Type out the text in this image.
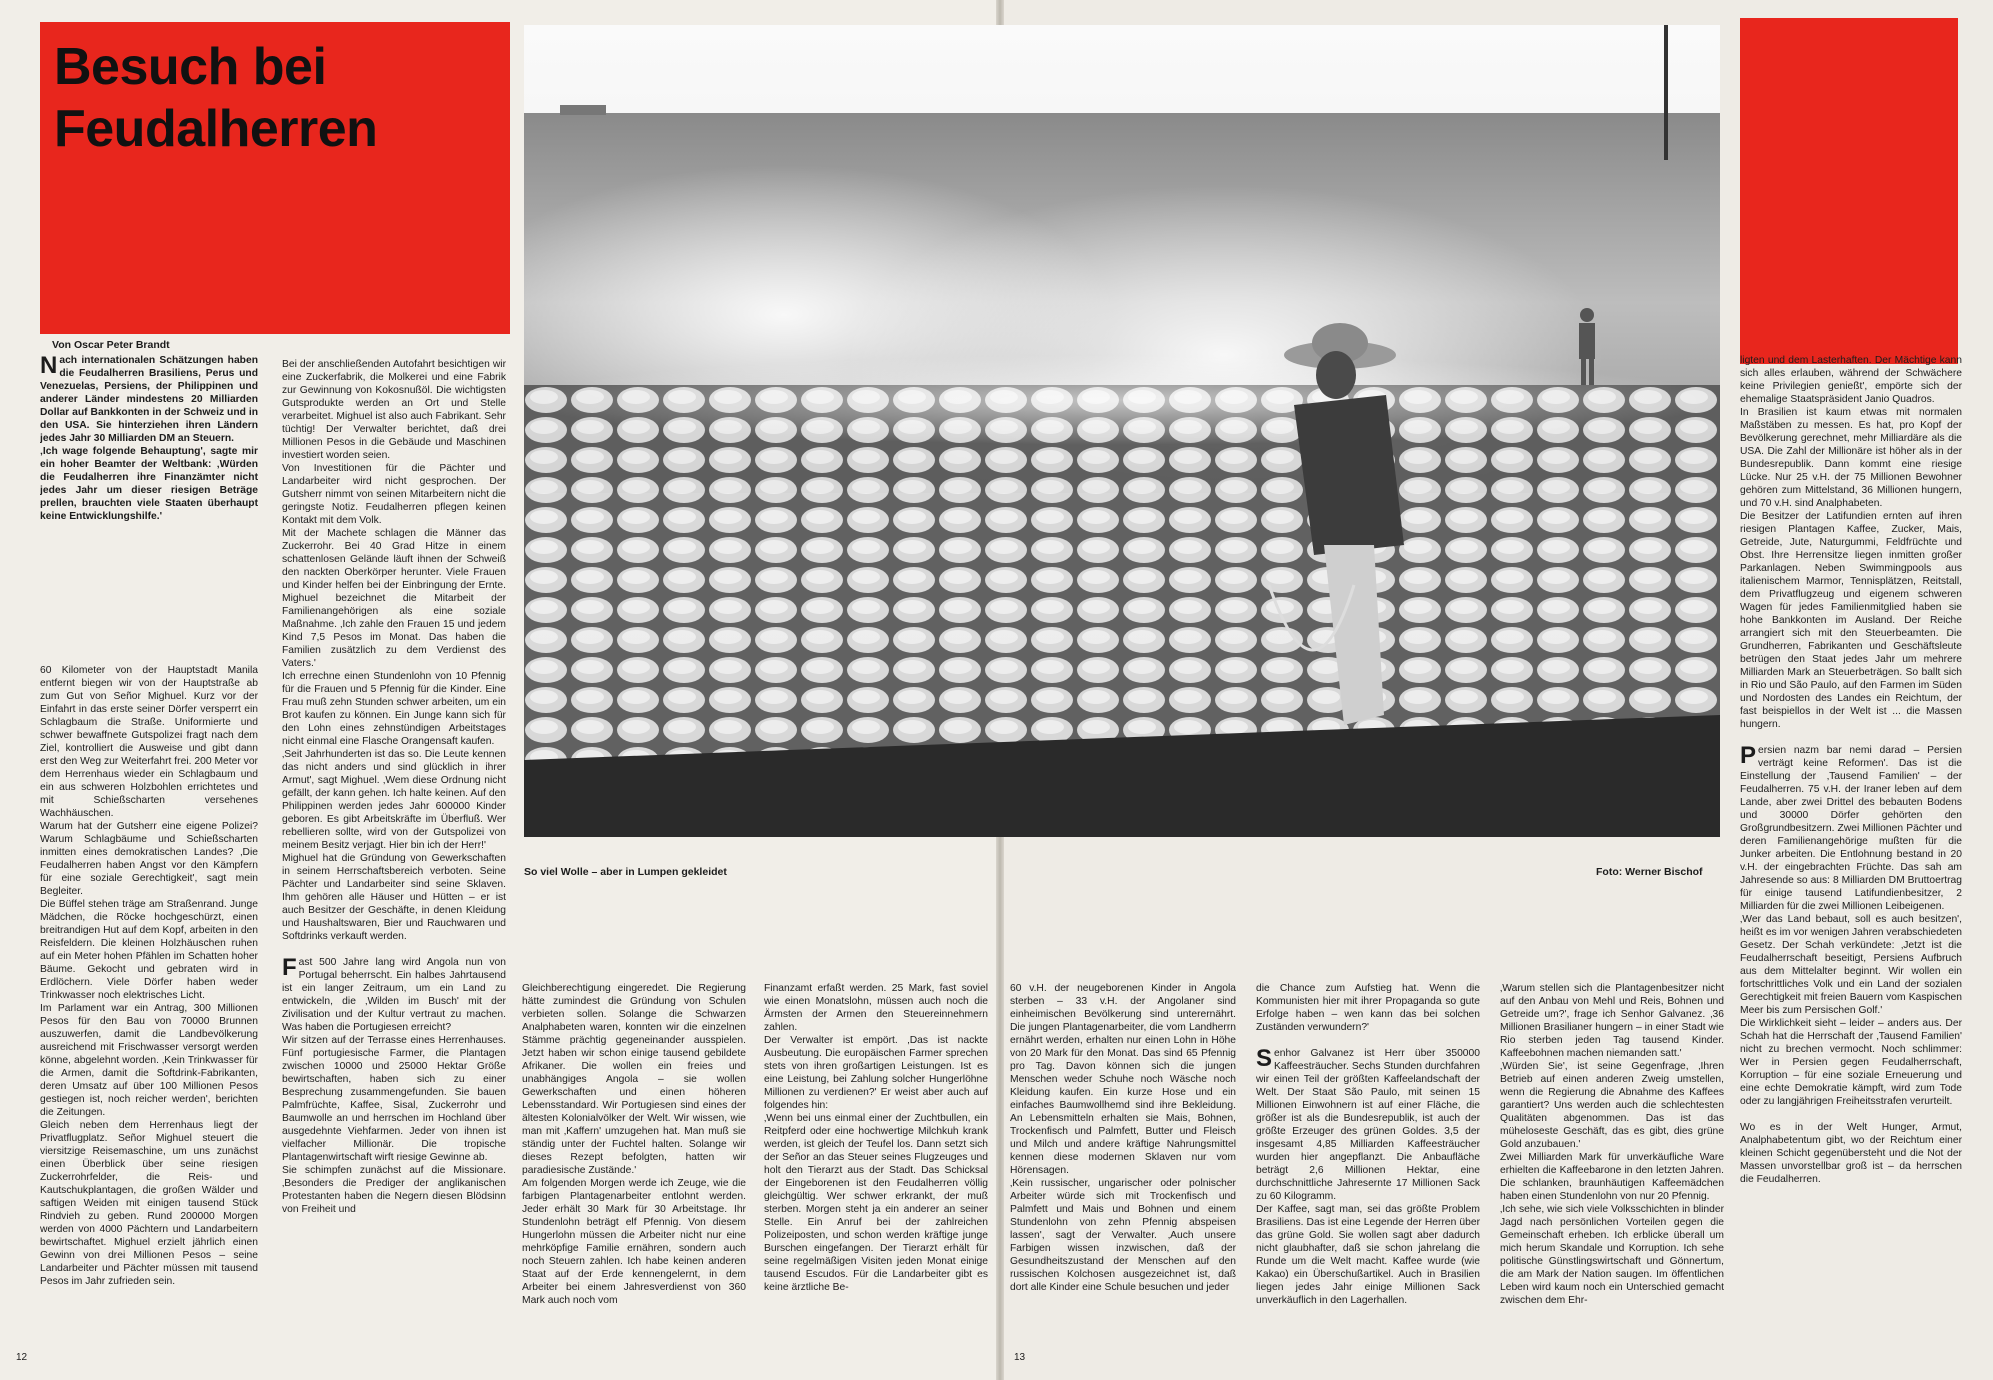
Besuch bei
Feudalherren

Von Oscar Peter Brandt

So viel Wolle – aber in Lumpen gekleidet	Foto: Werner Bischof

Nach internationalen Schätzungen haben die Feudalherren Brasiliens, Perus und Venezuelas, Persiens, der Philippinen und anderer Länder mindestens 20 Milliarden Dollar auf Bankkonten in der Schweiz und in den USA. Sie hinterziehen ihren Ländern jedes Jahr 30 Milliarden DM an Steuern.

‚Ich wage folgende Behauptung', sagte mir ein hoher Beamter der Weltbank: ‚Würden die Feudalherren ihre Finanzämter nicht jedes Jahr um dieser riesigen Beträge prellen, brauchten viele Staaten überhaupt keine Entwicklungshilfe.'

60 Kilometer von der Hauptstadt Manila entfernt biegen wir von der Hauptstraße ab zum Gut von Señor Mighuel. Kurz vor der Einfahrt in das erste seiner Dörfer versperrt ein Schlagbaum die Straße. Uniformierte und schwer bewaffnete Gutspolizei fragt nach dem Ziel, kontrolliert die Ausweise und gibt dann erst den Weg zur Weiterfahrt frei. 200 Meter vor dem Herrenhaus wieder ein Schlagbaum und ein aus schweren Holzbohlen errichtetes und mit Schießscharten versehenes Wachhäuschen.

Warum hat der Gutsherr eine eigene Polizei? Warum Schlagbäume und Schießscharten inmitten eines demokratischen Landes? ‚Die Feudalherren haben Angst vor den Kämpfern für eine soziale Gerechtigkeit', sagt mein Begleiter.

Die Büffel stehen träge am Straßenrand. Junge Mädchen, die Röcke hochgeschürzt, einen breitrandigen Hut auf dem Kopf, arbeiten in den Reisfeldern. Die kleinen Holzhäuschen ruhen auf ein Meter hohen Pfählen im Schatten hoher Bäume. Gekocht und gebraten wird in Erdlöchern. Viele Dörfer haben weder Trinkwasser noch elektrisches Licht.

Im Parlament war ein Antrag, 300 Millionen Pesos für den Bau von 70000 Brunnen auszuwerfen, damit die Landbevölkerung ausreichend mit Frischwasser versorgt werden könne, abgelehnt worden. ‚Kein Trinkwasser für die Armen, damit die Softdrink-Fabrikanten, deren Umsatz auf über 100 Millionen Pesos gestiegen ist, noch reicher werden', berichten die Zeitungen.

Gleich neben dem Herrenhaus liegt der Privatflugplatz. Señor Mighuel steuert die viersitzige Reisemaschine, um uns zunächst einen Überblick über seine riesigen Zuckerrohrfelder, die Reis- und Kautschukplantagen, die großen Wälder und saftigen Weiden mit einigen tausend Stück Rindvieh zu geben. Rund 200000 Morgen werden von 4000 Pächtern und Landarbeitern bewirtschaftet. Mighuel erzielt jährlich einen Gewinn von drei Millionen Pesos – seine Landarbeiter und Pächter müssen mit tausend Pesos im Jahr zufrieden sein.

Bei der anschließenden Autofahrt besichtigen wir eine Zuckerfabrik, die Molkerei und eine Fabrik zur Gewinnung von Kokosnußöl. Die wichtigsten Gutsprodukte werden an Ort und Stelle verarbeitet. Mighuel ist also auch Fabrikant. Sehr tüchtig! Der Verwalter berichtet, daß drei Millionen Pesos in die Gebäude und Maschinen investiert worden seien.

Von Investitionen für die Pächter und Landarbeiter wird nicht gesprochen. Der Gutsherr nimmt von seinen Mitarbeitern nicht die geringste Notiz. Feudalherren pflegen keinen Kontakt mit dem Volk.

Mit der Machete schlagen die Männer das Zuckerrohr. Bei 40 Grad Hitze in einem schattenlosen Gelände läuft ihnen der Schweiß den nackten Oberkörper herunter. Viele Frauen und Kinder helfen bei der Einbringung der Ernte. Mighuel bezeichnet die Mitarbeit der Familienangehörigen als eine soziale Maßnahme. ‚Ich zahle den Frauen 15 und jedem Kind 7,5 Pesos im Monat. Das haben die Familien zusätzlich zu dem Verdienst des Vaters.'

Ich errechne einen Stundenlohn von 10 Pfennig für die Frauen und 5 Pfennig für die Kinder. Eine Frau muß zehn Stunden schwer arbeiten, um ein Brot kaufen zu können. Ein Junge kann sich für den Lohn eines zehnstündigen Arbeitstages nicht einmal eine Flasche Orangensaft kaufen.

‚Seit Jahrhunderten ist das so. Die Leute kennen das nicht anders und sind glücklich in ihrer Armut', sagt Mighuel. ‚Wem diese Ordnung nicht gefällt, der kann gehen. Ich halte keinen. Auf den Philippinen werden jedes Jahr 600000 Kinder geboren. Es gibt Arbeitskräfte im Überfluß. Wer rebellieren sollte, wird von der Gutspolizei von meinem Besitz verjagt. Hier bin ich der Herr!'

Mighuel hat die Gründung von Gewerkschaften in seinem Herrschaftsbereich verboten. Seine Pächter und Landarbeiter sind seine Sklaven. Ihm gehören alle Häuser und Hütten – er ist auch Besitzer der Geschäfte, in denen Kleidung und Haushaltswaren, Bier und Rauchwaren und Softdrinks verkauft werden.

Fast 500 Jahre lang wird Angola nun von Portugal beherrscht. Ein halbes Jahrtausend ist ein langer Zeitraum, um ein Land zu entwickeln, die ‚Wilden im Busch' mit der Zivilisation und der Kultur vertraut zu machen. Was haben die Portugiesen erreicht?

Wir sitzen auf der Terrasse eines Herrenhauses. Fünf portugiesische Farmer, die Plantagen zwischen 10000 und 25000 Hektar Größe bewirtschaften, haben sich zu einer Besprechung zusammengefunden. Sie bauen Palmfrüchte, Kaffee, Sisal, Zuckerrohr und Baumwolle an und herrschen im Hochland über ausgedehnte Viehfarmen. Jeder von ihnen ist vielfacher Millionär. Die tropische Plantagenwirtschaft wirft riesige Gewinne ab.

Sie schimpfen zunächst auf die Missionare. ‚Besonders die Prediger der anglikanischen Protestanten haben die Negern diesen Blödsinn von Freiheit und

Gleichberechtigung eingeredet. Die Regierung hätte zumindest die Gründung von Schulen verbieten sollen. Solange die Schwarzen Analphabeten waren, konnten wir die einzelnen Stämme prächtig gegeneinander ausspielen. Jetzt haben wir schon einige tausend gebildete Afrikaner. Die wollen ein freies und unabhängiges Angola – sie wollen Gewerkschaften und einen höheren Lebensstandard. Wir Portugiesen sind eines der ältesten Kolonialvölker der Welt. Wir wissen, wie man mit ‚Kaffern' umzugehen hat. Man muß sie ständig unter der Fuchtel halten. Solange wir dieses Rezept befolgten, hatten wir paradiesische Zustände.'

Am folgenden Morgen werde ich Zeuge, wie die farbigen Plantagenarbeiter entlohnt werden. Jeder erhält 30 Mark für 30 Arbeitstage. Ihr Stundenlohn beträgt elf Pfennig. Von diesem Hungerlohn müssen die Arbeiter nicht nur eine mehrköpfige Familie ernähren, sondern auch noch Steuern zahlen. Ich habe keinen anderen Staat auf der Erde kennengelernt, in dem Arbeiter bei einem Jahresverdienst von 360 Mark auch noch vom

Finanzamt erfaßt werden. 25 Mark, fast soviel wie einen Monatslohn, müssen auch noch die Ärmsten der Armen den Steuereinnehmern zahlen.

Der Verwalter ist empört. ‚Das ist nackte Ausbeutung. Die europäischen Farmer sprechen stets von ihren großartigen Leistungen. Ist es eine Leistung, bei Zahlung solcher Hungerlöhne Millionen zu verdienen?' Er weist aber auch auf folgendes hin:

‚Wenn bei uns einmal einer der Zuchtbullen, ein Reitpferd oder eine hochwertige Milchkuh krank werden, ist gleich der Teufel los. Dann setzt sich der Señor an das Steuer seines Flugzeuges und holt den Tierarzt aus der Stadt. Das Schicksal der Eingeborenen ist den Feudalherren völlig gleichgültig. Wer schwer erkrankt, der muß sterben. Morgen steht ja ein anderer an seiner Stelle. Ein Anruf bei der zahlreichen Polizeiposten, und schon werden kräftige junge Burschen eingefangen. Der Tierarzt erhält für seine regelmäßigen Visiten jeden Monat einige tausend Escudos. Für die Landarbeiter gibt es keine ärztliche Be-

60 v.H. der neugeborenen Kinder in Angola sterben – 33 v.H. der Angolaner sind einheimischen Bevölkerung sind unterernährt. Die jungen Plantagenarbeiter, die vom Landherrn ernährt werden, erhalten nur einen Lohn in Höhe von 20 Mark für den Monat. Das sind 65 Pfennig pro Tag. Davon können sich die jungen Menschen weder Schuhe noch Wäsche noch Kleidung kaufen. Ein kurze Hose und ein einfaches Baumwollhemd sind ihre Bekleidung. An Lebensmitteln erhalten sie Mais, Bohnen, Trockenfisch und Palmfett, Butter und Fleisch und Milch und andere kräftige Nahrungsmittel kennen diese modernen Sklaven nur vom Hörensagen.

‚Kein russischer, ungarischer oder polnischer Arbeiter würde sich mit Trockenfisch und Palmfett und Mais und Bohnen und einem Stundenlohn von zehn Pfennig abspeisen lassen', sagt der Verwalter. ‚Auch unsere Farbigen wissen inzwischen, daß der Gesundheitszustand der Menschen auf den russischen Kolchosen ausgezeichnet ist, daß dort alle Kinder eine Schule besuchen und jeder

die Chance zum Aufstieg hat. Wenn die Kommunisten hier mit ihrer Propaganda so gute Erfolge haben – wen kann das bei solchen Zuständen verwundern?'

Senhor Galvanez ist Herr über 350000 Kaffeesträucher. Sechs Stunden durchfahren wir einen Teil der größten Kaffeelandschaft der Welt. Der Staat São Paulo, mit seinen 15 Millionen Einwohnern ist auf einer Fläche, die größer ist als die Bundesrepublik, ist auch der größte Erzeuger des grünen Goldes. 3,5 der insgesamt 4,85 Milliarden Kaffeesträucher wurden hier angepflanzt. Die Anbaufläche beträgt 2,6 Millionen Hektar, eine durchschnittliche Jahresernte 17 Millionen Sack zu 60 Kilogramm.

Der Kaffee, sagt man, sei das größte Problem Brasiliens. Das ist eine Legende der Herren über das grüne Gold. Sie wollen sagt aber dadurch nicht glaubhafter, daß sie schon jahrelang die Runde um die Welt macht. Kaffee wurde (wie Kakao) ein Überschußartikel. Auch in Brasilien liegen jedes Jahr einige Millionen Sack unverkäuflich in den Lagerhallen.

‚Warum stellen sich die Plantagenbesitzer nicht auf den Anbau von Mehl und Reis, Bohnen und Getreide um?', frage ich Senhor Galvanez. ‚36 Millionen Brasilianer hungern – in einer Stadt wie Rio sterben jeden Tag tausend Kinder. Kaffeebohnen machen niemanden satt.'

‚Würden Sie', ist seine Gegenfrage, ‚Ihren Betrieb auf einen anderen Zweig umstellen, wenn die Regierung die Abnahme des Kaffees garantiert? Uns werden auch die schlechtesten Qualitäten abgenommen. Das ist das müheloseste Geschäft, das es gibt, dies grüne Gold anzubauen.'

Zwei Milliarden Mark für unverkäufliche Ware erhielten die Kaffeebarone in den letzten Jahren. Die schlanken, braunhäutigen Kaffeemädchen haben einen Stundenlohn von nur 20 Pfennig.

‚Ich sehe, wie sich viele Volksschichten in blinder Jagd nach persönlichen Vorteilen gegen die Gemeinschaft erheben. Ich erblicke überall um mich herum Skandale und Korruption. Ich sehe politische Günstlingswirtschaft und Gönnertum, die am Mark der Nation saugen. Im öffentlichen Leben wird kaum noch ein Unterschied gemacht zwischen dem Ehr-

ligten und dem Lasterhaften. Der Mächtige kann sich alles erlauben, während der Schwächere keine Privilegien genießt', empörte sich der ehemalige Staatspräsident Janio Quadros.

In Brasilien ist kaum etwas mit normalen Maßstäben zu messen. Es hat, pro Kopf der Bevölkerung gerechnet, mehr Milliardäre als die USA. Die Zahl der Millionäre ist höher als in der Bundesrepublik. Dann kommt eine riesige Lücke. Nur 25 v.H. der 75 Millionen Bewohner gehören zum Mittelstand, 36 Millionen hungern, und 70 v.H. sind Analphabeten.

Die Besitzer der Latifundien ernten auf ihren riesigen Plantagen Kaffee, Zucker, Mais, Getreide, Jute, Naturgummi, Feldfrüchte und Obst. Ihre Herrensitze liegen inmitten großer Parkanlagen. Neben Swimmingpools aus italienischem Marmor, Tennisplätzen, Reitstall, dem Privatflugzeug und eigenem schweren Wagen für jedes Familienmitglied haben sie hohe Bankkonten im Ausland. Der Reiche arrangiert sich mit den Steuerbeamten. Die Grundherren, Fabrikanten und Geschäftsleute betrügen den Staat jedes Jahr um mehrere Milliarden Mark an Steuerbeträgen. So ballt sich in Rio und São Paulo, auf den Farmen im Süden und Nordosten des Landes ein Reichtum, der fast beispiellos in der Welt ist ... die Massen hungern.

Persien nazm bar nemi darad – Persien verträgt keine Reformen'. Das ist die Einstellung der ‚Tausend Familien' – der Feudalherren. 75 v.H. der Iraner leben auf dem Lande, aber zwei Drittel des bebauten Bodens und 30000 Dörfer gehörten den Großgrundbesitzern. Zwei Millionen Pächter und deren Familienangehörige mußten für die Junker arbeiten. Die Entlohnung bestand in 20 v.H. der eingebrachten Früchte. Das sah am Jahresende so aus: 8 Milliarden DM Bruttoertrag für einige tausend Latifundienbesitzer, 2 Milliarden für die zwei Millionen Leibeigenen.

‚Wer das Land bebaut, soll es auch besitzen', heißt es im vor wenigen Jahren verabschiedeten Gesetz. Der Schah verkündete: ‚Jetzt ist die Feudalherrschaft beseitigt, Persiens Aufbruch aus dem Mittelalter beginnt. Wir wollen ein fortschrittliches Volk und ein Land der sozialen Gerechtigkeit mit freien Bauern vom Kaspischen Meer bis zum Persischen Golf.'

Die Wirklichkeit sieht – leider – anders aus. Der Schah hat die Herrschaft der ‚Tausend Familien' nicht zu brechen vermocht. Noch schlimmer: Wer in Persien gegen Feudalherrschaft, Korruption – für eine soziale Erneuerung und eine echte Demokratie kämpft, wird zum Tode oder zu langjährigen Freiheitsstrafen verurteilt.

Wo es in der Welt Hunger, Armut, Analphabetentum gibt, wo der Reichtum einer kleinen Schicht gegenübersteht und die Not der Massen unvorstellbar groß ist – da herrschen die Feudalherren.

12	13
